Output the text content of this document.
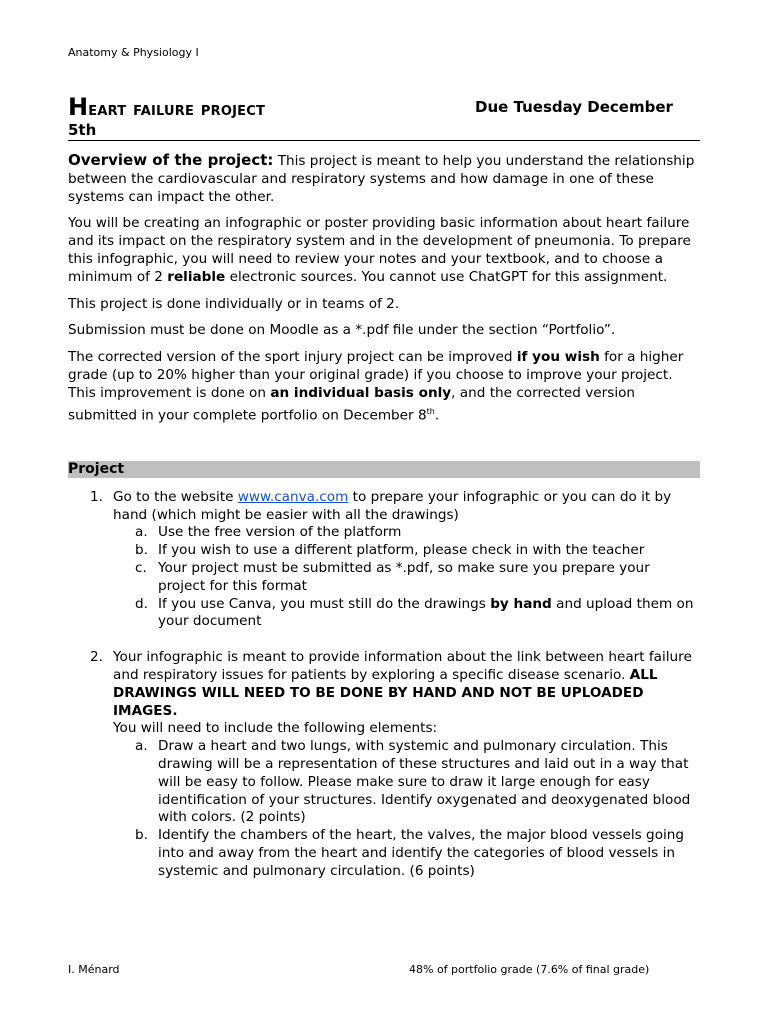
Anatomy & Physiology I
Heart failure project	Due Tuesday December
5th

Overview of the project: This project is meant to help you understand the relationship between the cardiovascular and respiratory systems and how damage in one of these systems can impact the other.

You will be creating an infographic or poster providing basic information about heart failure and its impact on the respiratory system and in the development of pneumonia. To prepare this infographic, you will need to review your notes and your textbook, and to choose a minimum of 2 reliable electronic sources. You cannot use ChatGPT for this assignment.

This project is done individually or in teams of 2.

Submission must be done on Moodle as a *.pdf file under the section “Portfolio”.

The corrected version of the sport injury project can be improved if you wish for a higher grade (up to 20% higher than your original grade) if you choose to improve your project. This improvement is done on an individual basis only, and the corrected version submitted in your complete portfolio on December 8th.

Project
1. Go to the website www.canva.com to prepare your infographic or you can do it by hand (which might be easier with all the drawings)
a. Use the free version of the platform
b. If you wish to use a different platform, please check in with the teacher
c. Your project must be submitted as *.pdf, so make sure you prepare your project for this format
d. If you use Canva, you must still do the drawings by hand and upload them on your document
2. Your infographic is meant to provide information about the link between heart failure and respiratory issues for patients by exploring a specific disease scenario. ALL DRAWINGS WILL NEED TO BE DONE BY HAND AND NOT BE UPLOADED IMAGES.
You will need to include the following elements:
a. Draw a heart and two lungs, with systemic and pulmonary circulation. This drawing will be a representation of these structures and laid out in a way that will be easy to follow. Please make sure to draw it large enough for easy identification of your structures. Identify oxygenated and deoxygenated blood with colors. (2 points)
b. Identify the chambers of the heart, the valves, the major blood vessels going into and away from the heart and identify the categories of blood vessels in systemic and pulmonary circulation. (6 points)
I. Ménard	48% of portfolio grade (7.6% of final grade)
